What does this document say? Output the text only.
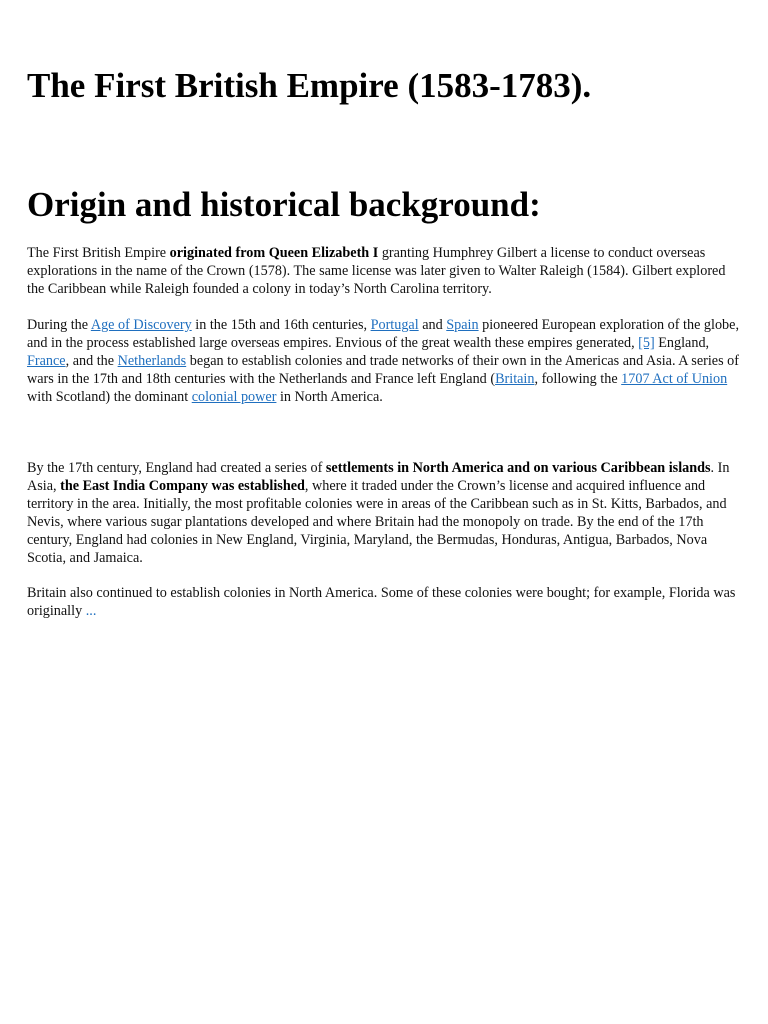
The First British Empire (1583-1783).
Origin and historical background:

The First British Empire originated from Queen Elizabeth I granting Humphrey Gilbert a license to conduct overseas explorations in the name of the Crown (1578). The same license was later given to Walter Raleigh (1584). Gilbert explored the Caribbean while Raleigh founded a colony in today’s North Carolina territory.

During the Age of Discovery in the 15th and 16th centuries, Portugal and Spain pioneered European exploration of the globe, and in the process established large overseas empires. Envious of the great wealth these empires generated, [5] England, France, and the Netherlands began to establish colonies and trade networks of their own in the Americas and Asia. A series of wars in the 17th and 18th centuries with the Netherlands and France left England (Britain, following the 1707 Act of Union with Scotland) the dominant colonial power in North America.

By the 17th century, England had created a series of settlements in North America and on various Caribbean islands. In Asia, the East India Company was established, where it traded under the Crown’s license and acquired influence and territory in the area. Initially, the most profitable colonies were in areas of the Caribbean such as in St. Kitts, Barbados, and Nevis, where various sugar plantations developed and where Britain had the monopoly on trade. By the end of the 17th century, England had colonies in New England, Virginia, Maryland, the Bermudas, Honduras, Antigua, Barbados, Nova Scotia, and Jamaica.

Britain also continued to establish colonies in North America. Some of these colonies were bought; for example, Florida was originally ...
